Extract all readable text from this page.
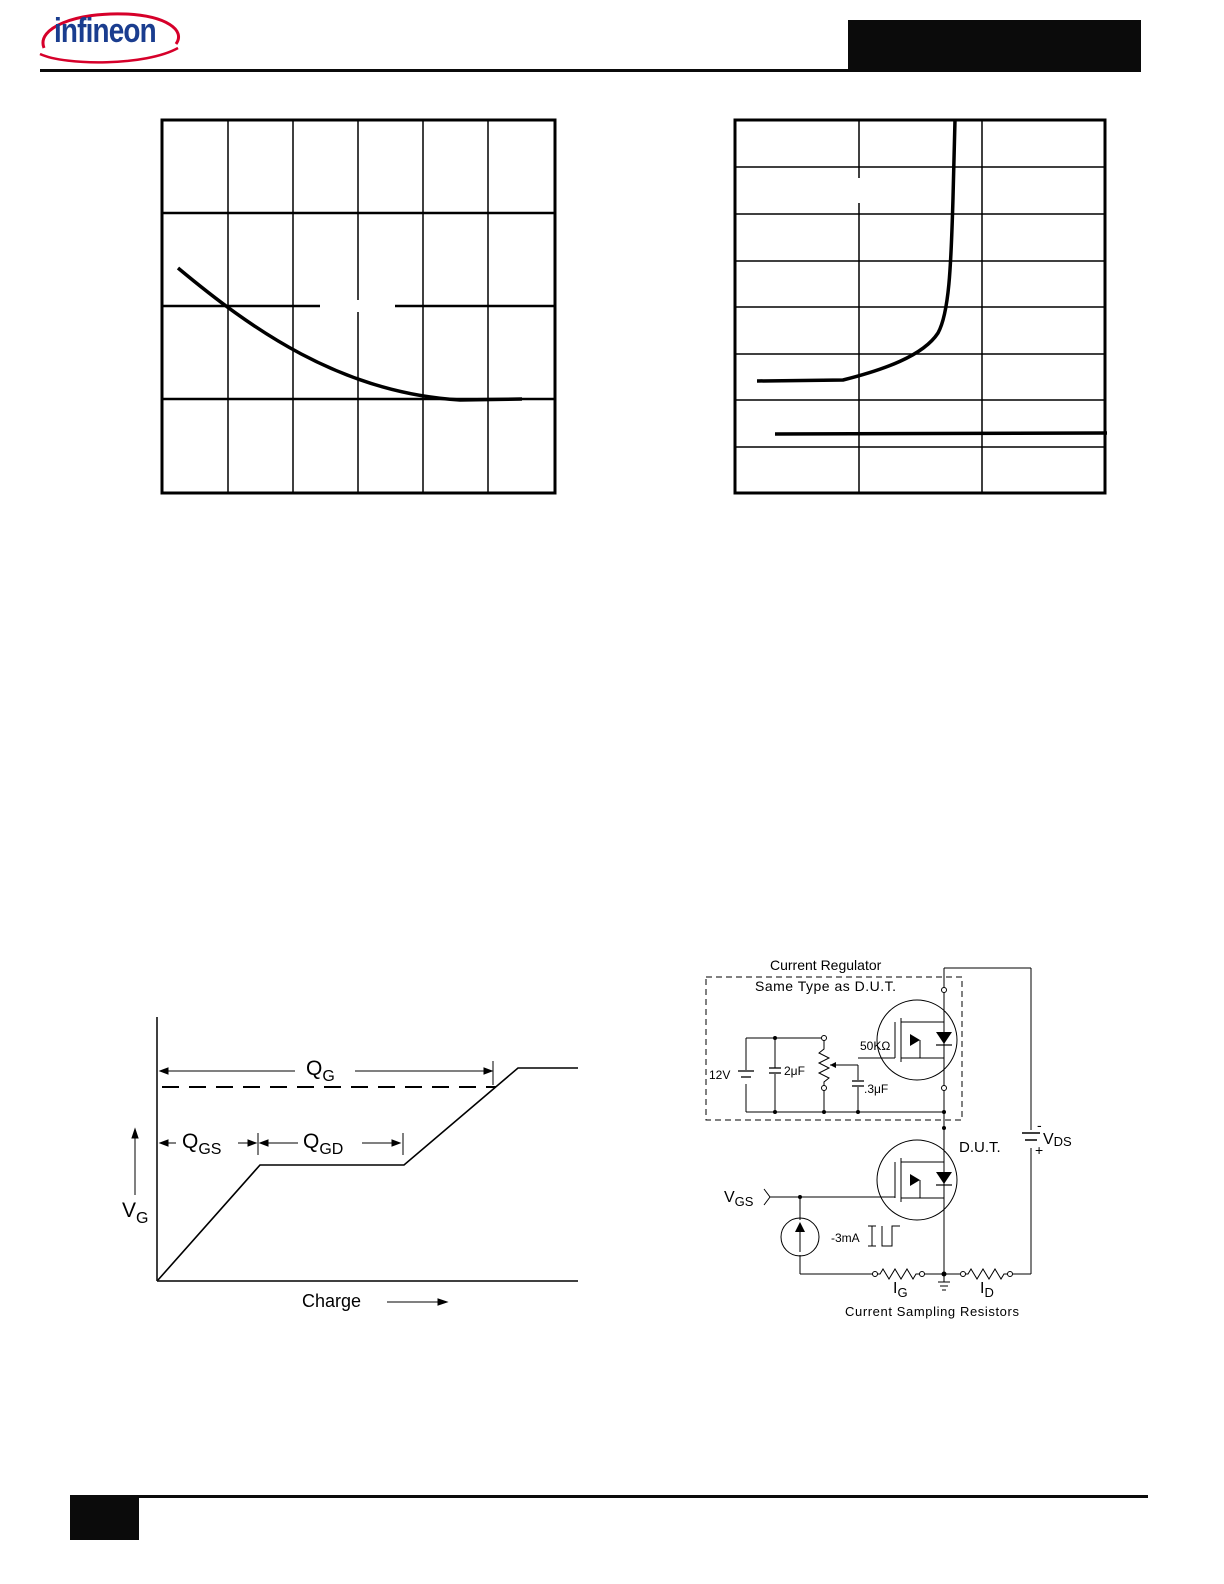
infineon
$Q_G$
$Q_{GS}$	$Q_{GD}$
$V_G$
Charge
Current Regulator
Same Type as D.U.T.
50KΩ
12V	2μF
.3μF
D.U.T.
-
+
VDS
$V_{GS}$
-3mA
$I_G$	$I_D$
Current Sampling Resistors
